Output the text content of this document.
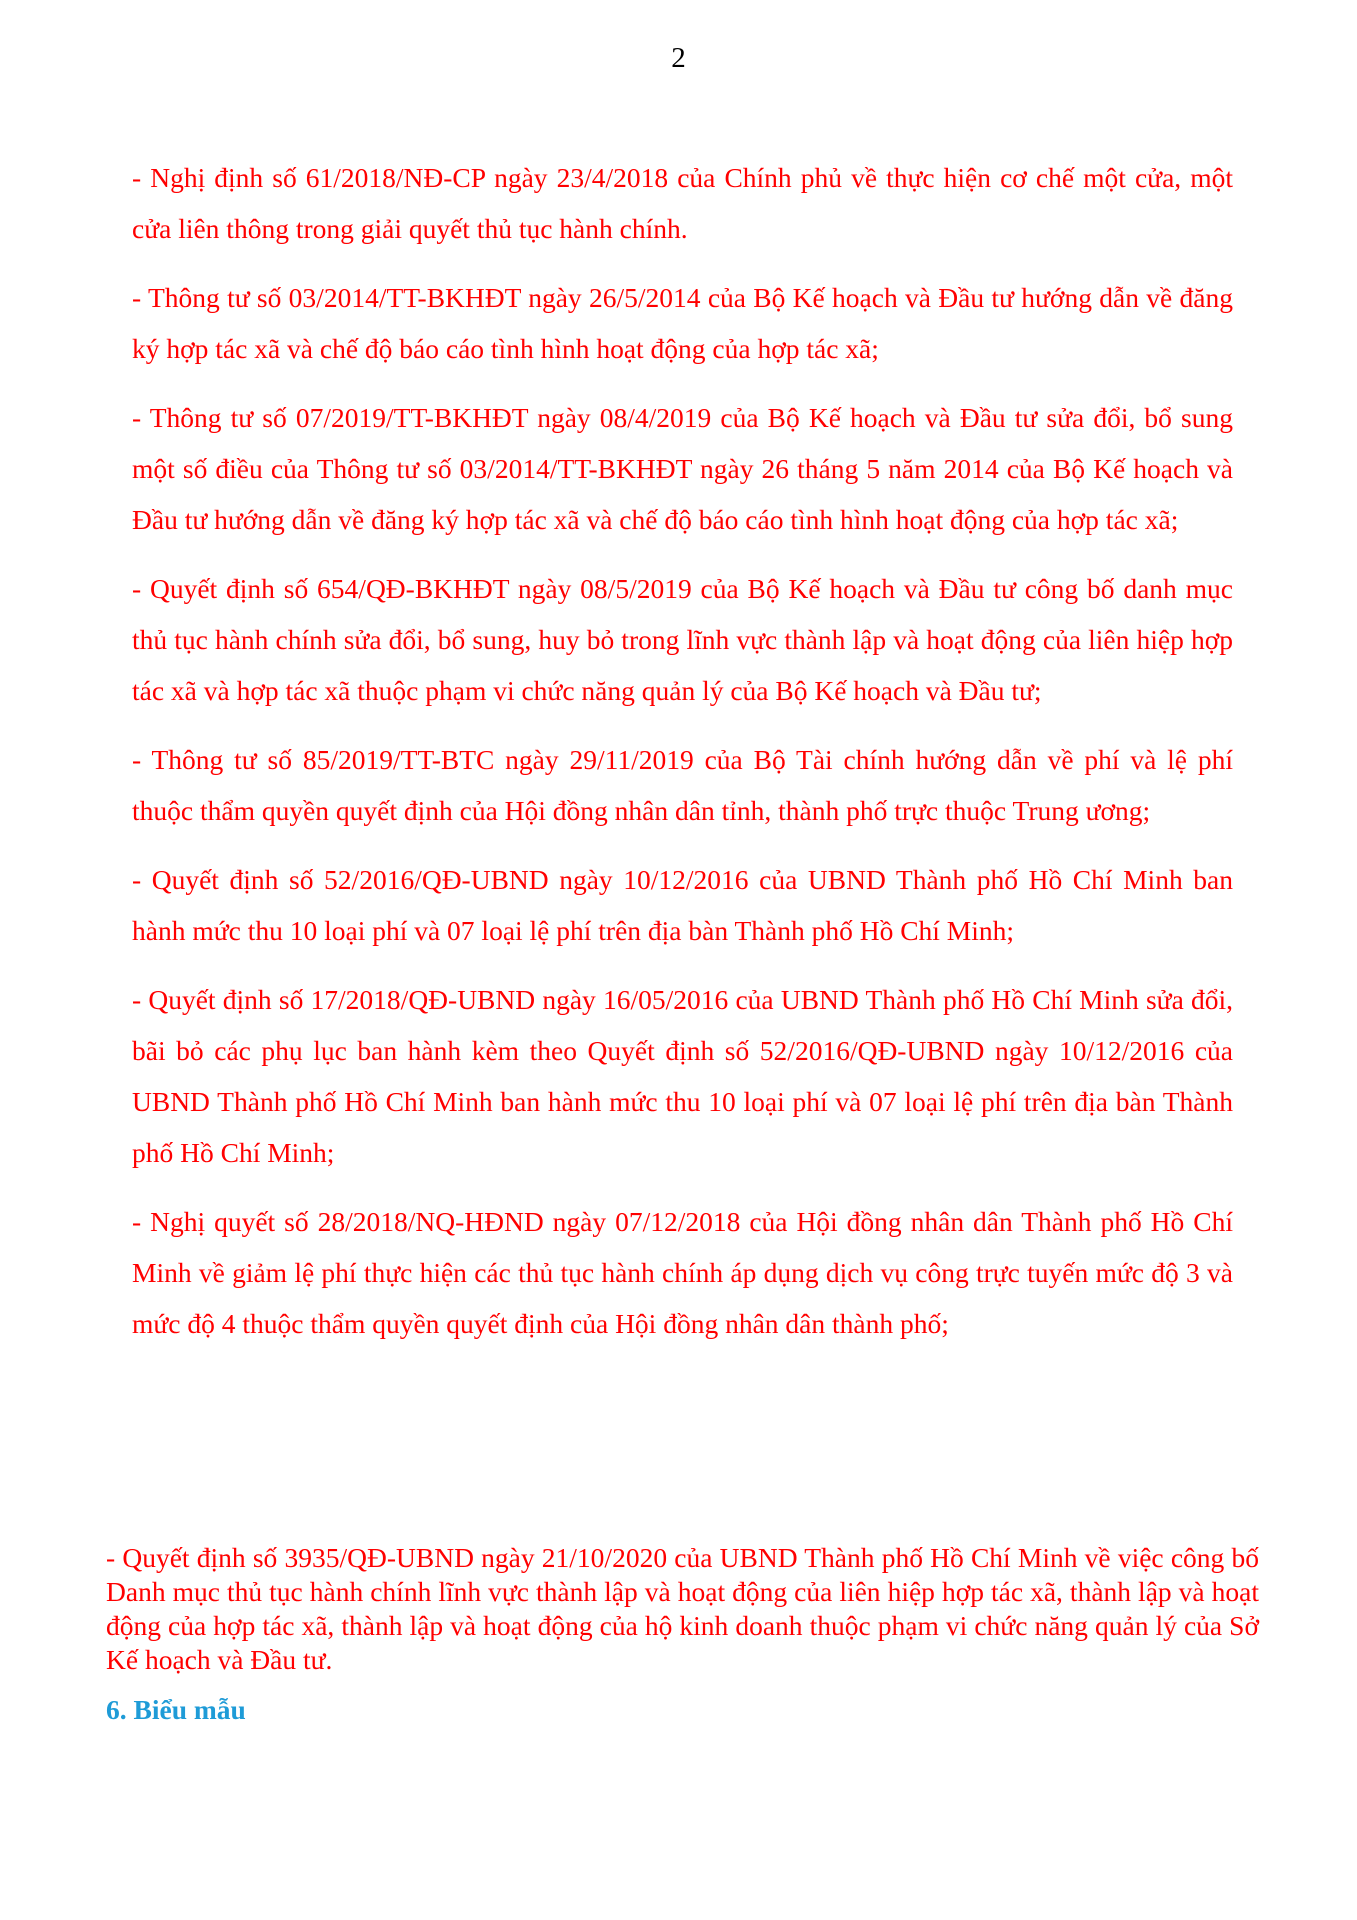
2

- Nghị định số 61/2018/NĐ-CP ngày 23/4/2018 của Chính phủ về thực hiện cơ chế một cửa, một cửa liên thông trong giải quyết thủ tục hành chính.

- Thông tư số 03/2014/TT-BKHĐT ngày 26/5/2014 của Bộ Kế hoạch và Đầu tư hướng dẫn về đăng ký hợp tác xã và chế độ báo cáo tình hình hoạt động của hợp tác xã;

- Thông tư số 07/2019/TT-BKHĐT ngày 08/4/2019 của Bộ Kế hoạch và Đầu tư sửa đổi, bổ sung một số điều của Thông tư số 03/2014/TT-BKHĐT ngày 26 tháng 5 năm 2014 của Bộ Kế hoạch và Đầu tư hướng dẫn về đăng ký hợp tác xã và chế độ báo cáo tình hình hoạt động của hợp tác xã;

- Quyết định số 654/QĐ-BKHĐT ngày 08/5/2019 của Bộ Kế hoạch và Đầu tư công bố danh mục thủ tục hành chính sửa đổi, bổ sung, huy bỏ trong lĩnh vực thành lập và hoạt động của liên hiệp hợp tác xã và hợp tác xã thuộc phạm vi chức năng quản lý của Bộ Kế hoạch và Đầu tư;

- Thông tư số 85/2019/TT-BTC ngày 29/11/2019 của Bộ Tài chính hướng dẫn về phí và lệ phí thuộc thẩm quyền quyết định của Hội đồng nhân dân tỉnh, thành phố trực thuộc Trung ương;

- Quyết định số 52/2016/QĐ-UBND ngày 10/12/2016 của UBND Thành phố Hồ Chí Minh ban hành mức thu 10 loại phí và 07 loại lệ phí trên địa bàn Thành phố Hồ Chí Minh;

- Quyết định số 17/2018/QĐ-UBND ngày 16/05/2016 của UBND Thành phố Hồ Chí Minh sửa đổi, bãi bỏ các phụ lục ban hành kèm theo Quyết định số 52/2016/QĐ-UBND ngày 10/12/2016 của UBND Thành phố Hồ Chí Minh ban hành mức thu 10 loại phí và 07 loại lệ phí trên địa bàn Thành phố Hồ Chí Minh;

- Nghị quyết số 28/2018/NQ-HĐND ngày 07/12/2018 của Hội đồng nhân dân Thành phố Hồ Chí Minh về giảm lệ phí thực hiện các thủ tục hành chính áp dụng dịch vụ công trực tuyến mức độ 3 và mức độ 4 thuộc thẩm quyền quyết định của Hội đồng nhân dân thành phố;

- Quyết định số 3935/QĐ-UBND ngày 21/10/2020 của UBND Thành phố Hồ Chí Minh về việc công bố Danh mục thủ tục hành chính lĩnh vực thành lập và hoạt động của liên hiệp hợp tác xã, thành lập và hoạt động của hợp tác xã, thành lập và hoạt động của hộ kinh doanh thuộc phạm vi chức năng quản lý của Sở Kế hoạch và Đầu tư.

6. Biểu mẫu
